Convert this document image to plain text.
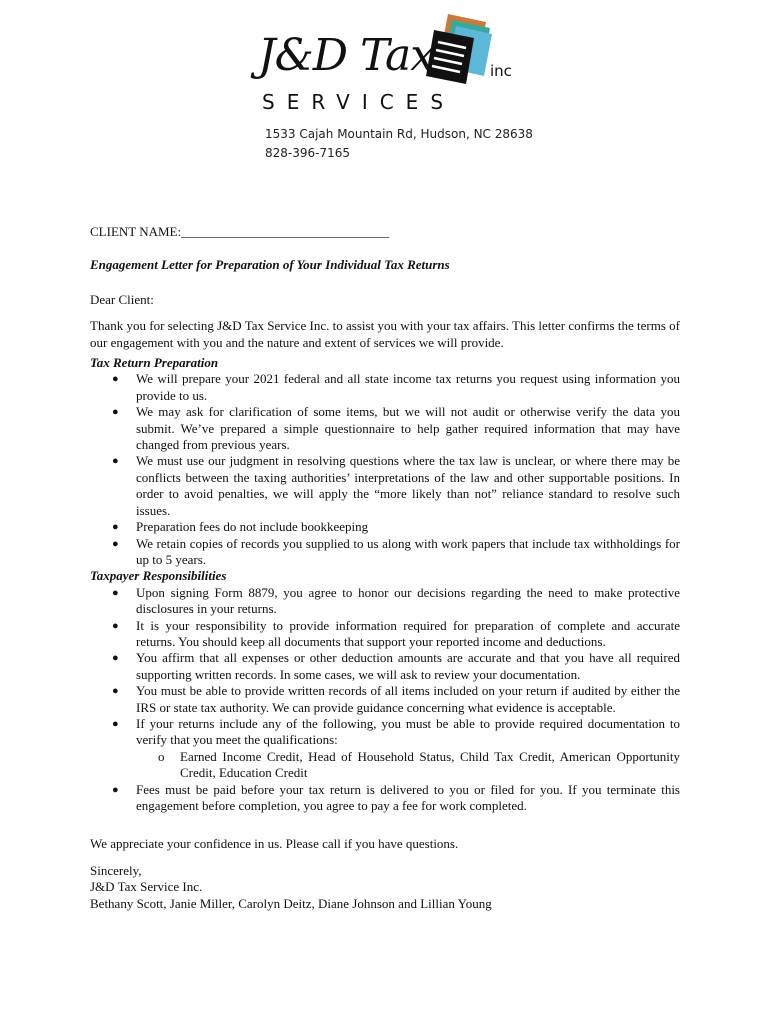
J&D Tax	inc
SERVICES
1533 Cajah Mountain Rd, Hudson, NC 28638
828-396-7165
CLIENT NAME:________________________________
Engagement Letter for Preparation of Your Individual Tax Returns
Dear Client:
Thank you for selecting J&D Tax Service Inc. to assist you with your tax affairs. This letter confirms the terms of our engagement with you and the nature and extent of services we will provide.
Tax Return Preparation
● We will prepare your 2021 federal and all state income tax returns you request using information you provide to us.
● We may ask for clarification of some items, but we will not audit or otherwise verify the data you submit. We’ve prepared a simple questionnaire to help gather required information that may have changed from previous years.
● We must use our judgment in resolving questions where the tax law is unclear, or where there may be conflicts between the taxing authorities’ interpretations of the law and other supportable positions. In order to avoid penalties, we will apply the “more likely than not” reliance standard to resolve such issues.
● Preparation fees do not include bookkeeping
● We retain copies of records you supplied to us along with work papers that include tax withholdings for up to 5 years.
Taxpayer Responsibilities
● Upon signing Form 8879, you agree to honor our decisions regarding the need to make protective disclosures in your returns.
● It is your responsibility to provide information required for preparation of complete and accurate returns. You should keep all documents that support your reported income and deductions.
● You affirm that all expenses or other deduction amounts are accurate and that you have all required supporting written records. In some cases, we will ask to review your documentation.
● You must be able to provide written records of all items included on your return if audited by either the IRS or state tax authority. We can provide guidance concerning what evidence is acceptable.
● If your returns include any of the following, you must be able to provide required documentation to verify that you meet the qualifications:
o Earned Income Credit, Head of Household Status, Child Tax Credit, American Opportunity Credit, Education Credit
● Fees must be paid before your tax return is delivered to you or filed for you. If you terminate this engagement before completion, you agree to pay a fee for work completed.
We appreciate your confidence in us. Please call if you have questions.
Sincerely,
J&D Tax Service Inc.
Bethany Scott, Janie Miller, Carolyn Deitz, Diane Johnson and Lillian Young
